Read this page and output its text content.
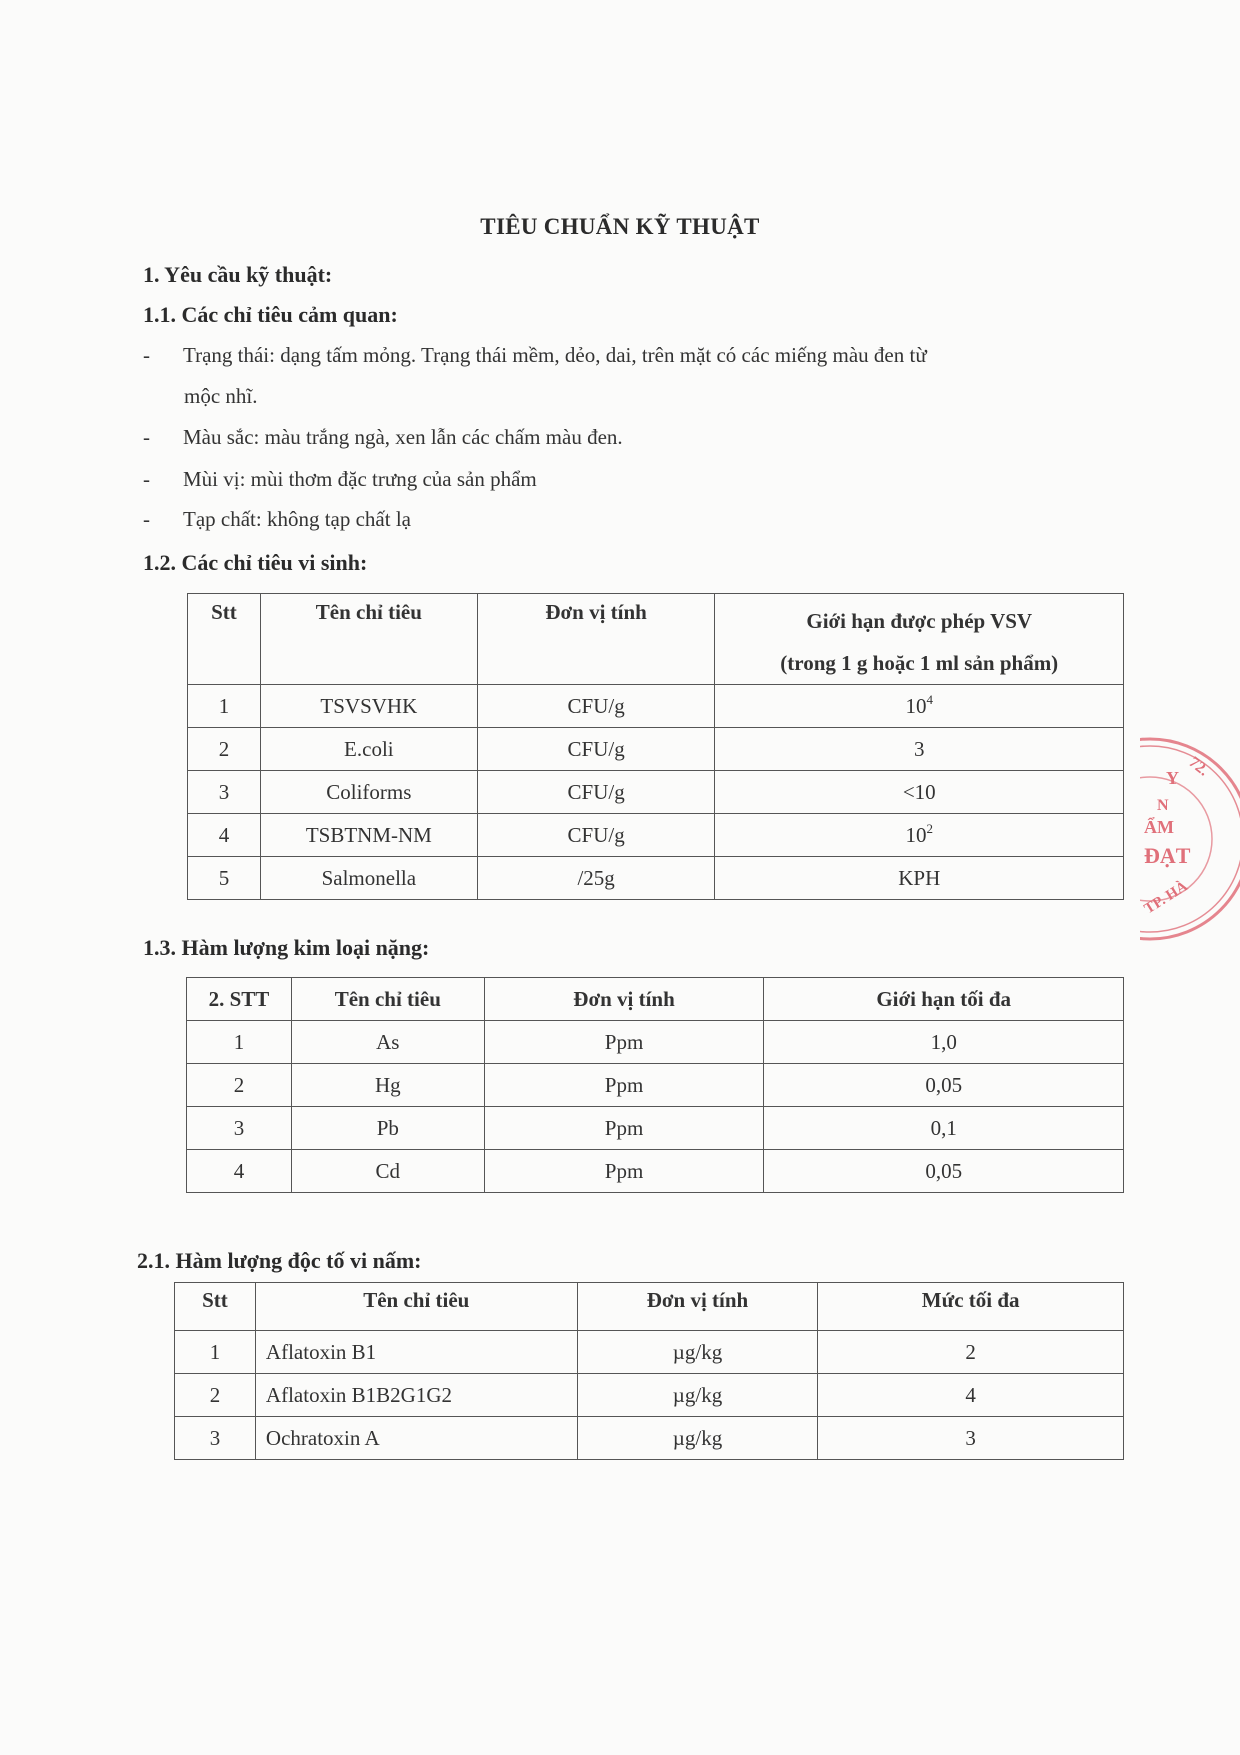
TIÊU CHUẨN KỸ THUẬT
1. Yêu cầu kỹ thuật:
1.1. Các chỉ tiêu cảm quan:
- Trạng thái: dạng tấm mỏng. Trạng thái mềm, dẻo, dai, trên mặt có các miếng màu đen từ
mộc nhĩ.
- Màu sắc: màu trắng ngà, xen lẫn các chấm màu đen.
- Mùi vị: mùi thơm đặc trưng của sản phẩm
- Tạp chất: không tạp chất lạ
1.2. Các chỉ tiêu vi sinh:
Stt	Tên chỉ tiêu	Đơn vị tính	Giới hạn được phép VSV
(trong 1 g hoặc 1 ml sản phẩm)
1	TSVSVHK	CFU/g	$10^4$
2	E.coli	CFU/g	3
3	Coliforms	CFU/g	<10
4	TSBTNM-NM	CFU/g	$10^2$
5	Salmonella	/25g	KPH
1.3. Hàm lượng kim loại nặng:
2. STT	Tên chỉ tiêu	Đơn vị tính	Giới hạn tối đa
1	As	Ppm	1,0
2	Hg	Ppm	0,05
3	Pb	Ppm	0,1
4	Cd	Ppm	0,05
2.1. Hàm lượng độc tố vi nấm:
Stt	Tên chỉ tiêu	Đơn vị tính	Mức tối đa
1	Aflatoxin B1	µg/kg	2
2	Aflatoxin B1B2G1G2	µg/kg	4
3	Ochratoxin A	µg/kg	3
72.
Y
N
ẨM
ĐẠT
TP. HÀ
